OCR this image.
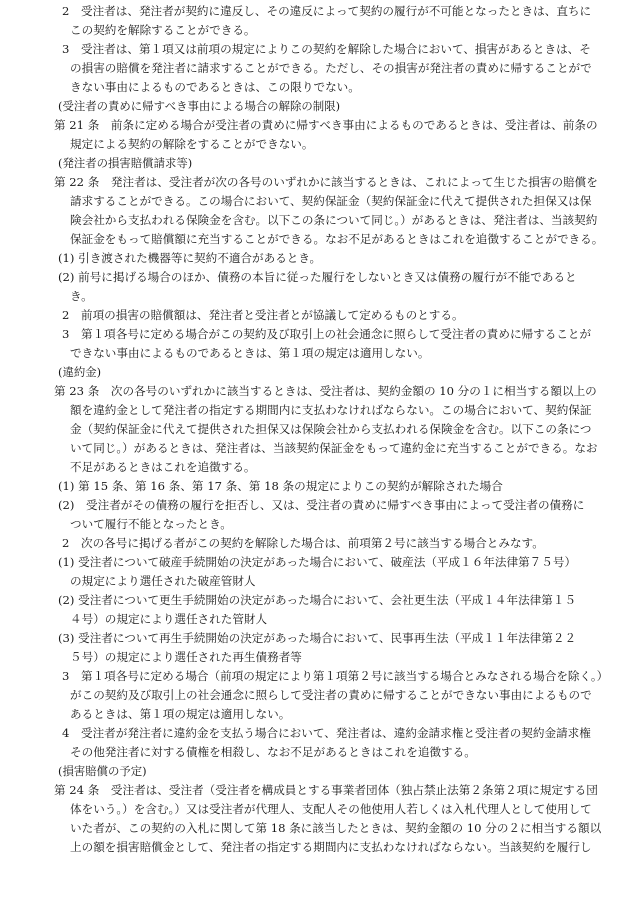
2　受注者は、発注者が契約に違反し、その違反によって契約の履行が不可能となったときは、直ちに
この契約を解除することができる。
3　受注者は、第１項又は前項の規定によりこの契約を解除した場合において、損害があるときは、そ
の損害の賠償を発注者に請求することができる。ただし、その損害が発注者の責めに帰することがで
きない事由によるものであるときは、この限りでない。
(受注者の責めに帰すべき事由による場合の解除の制限)
第 21 条　前条に定める場合が受注者の責めに帰すべき事由によるものであるときは、受注者は、前条の
規定による契約の解除をすることができない。
(発注者の損害賠償請求等)
第 22 条　発注者は、受注者が次の各号のいずれかに該当するときは、これによって生じた損害の賠償を
請求することができる。この場合において、契約保証金（契約保証金に代えて提供された担保又は保
険会社から支払われる保険金を含む。以下この条について同じ。）があるときは、発注者は、当該契約
保証金をもって賠償額に充当することができる。なお不足があるときはこれを追徴することができる。
(1) 引き渡された機器等に契約不適合があるとき。
(2) 前号に掲げる場合のほか、債務の本旨に従った履行をしないとき又は債務の履行が不能であると
き。
2　前項の損害の賠償額は、発注者と受注者とが協議して定めるものとする。
3　第１項各号に定める場合がこの契約及び取引上の社会通念に照らして受注者の責めに帰することが
できない事由によるものであるときは、第１項の規定は適用しない。
(違約金)
第 23 条　次の各号のいずれかに該当するときは、受注者は、契約金額の 10 分の１に相当する額以上の
額を違約金として発注者の指定する期間内に支払わなければならない。この場合において、契約保証
金（契約保証金に代えて提供された担保又は保険会社から支払われる保険金を含む。以下この条につ
いて同じ。）があるときは、発注者は、当該契約保証金をもって違約金に充当することができる。なお
不足があるときはこれを追徴する。
(1) 第 15 条、第 16 条、第 17 条、第 18 条の規定によりこの契約が解除された場合
(2)　受注者がその債務の履行を拒否し、又は、受注者の責めに帰すべき事由によって受注者の債務に
ついて履行不能となったとき。
2　次の各号に掲げる者がこの契約を解除した場合は、前項第２号に該当する場合とみなす。
(1) 受注者について破産手続開始の決定があった場合において、破産法（平成１６年法律第７５号）
の規定により選任された破産管財人
(2) 受注者について更生手続開始の決定があった場合において、会社更生法（平成１４年法律第１５
４号）の規定により選任された管財人
(3) 受注者について再生手続開始の決定があった場合において、民事再生法（平成１１年法律第２２
５号）の規定により選任された再生債務者等
3　第１項各号に定める場合（前項の規定により第１項第２号に該当する場合とみなされる場合を除く。）
がこの契約及び取引上の社会通念に照らして受注者の責めに帰することができない事由によるもので
あるときは、第１項の規定は適用しない。
4　受注者が発注者に違約金を支払う場合において、発注者は、違約金請求権と受注者の契約金請求権
その他発注者に対する債権を相殺し、なお不足があるときはこれを追徴する。
(損害賠償の予定)
第 24 条　受注者は、受注者（受注者を構成員とする事業者団体（独占禁止法第２条第２項に規定する団
体をいう。）を含む。）又は受注者が代理人、支配人その他使用人若しくは入札代理人として使用して
いた者が、この契約の入札に関して第 18 条に該当したときは、契約金額の 10 分の２に相当する額以
上の額を損害賠償金として、発注者の指定する期間内に支払わなければならない。当該契約を履行し
